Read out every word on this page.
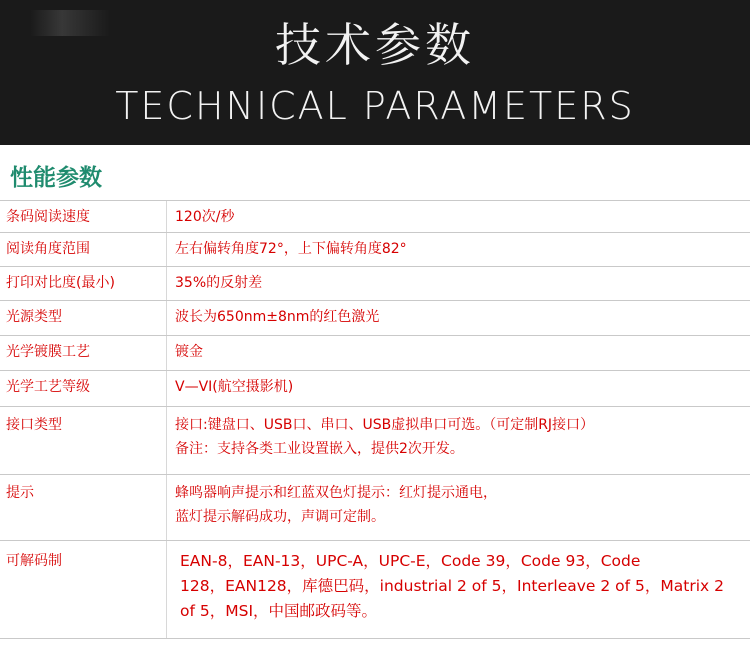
技术参数
TECHNICAL PARAMETERS
性能参数
条码阅读速度	120次/秒
阅读角度范围	左右偏转角度72°，上下偏转角度82°
打印对比度(最小)	35%的反射差
光源类型	波长为650nm±8nm的红色激光
光学镀膜工艺	镀金
光学工艺等级	V—VI(航空摄影机)
接口类型	接口:键盘口、USB口、串口、USB虚拟串口可选。（可定制RJ接口）
备注：支持各类工业设置嵌入，提供2次开发。
提示	蜂鸣器响声提示和红蓝双色灯提示：红灯提示通电，
蓝灯提示解码成功，声调可定制。
可解码制	EAN-8，EAN-13，UPC-A，UPC-E，Code 39，Code 93，Code
128，EAN128，库德巴码，industrial 2 of 5，Interleave 2 of 5，Matrix 2
of 5，MSI，中国邮政码等。
